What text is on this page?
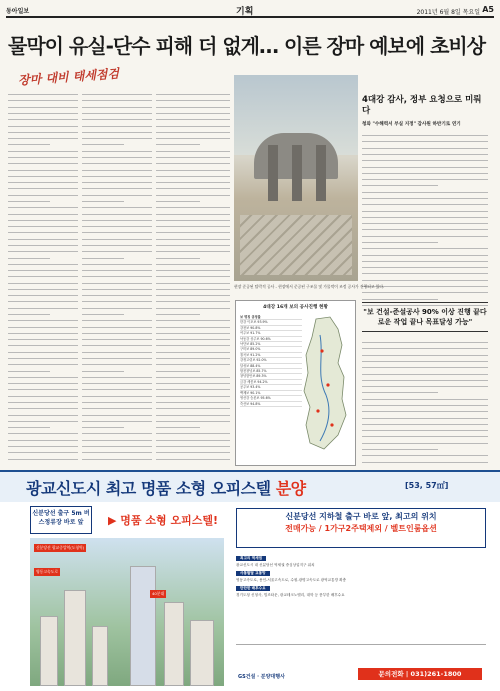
동아일보	기획	2011년 6월 8일 목요일 A5
물막이 유실-단수 피해 더 없게… 이른 장마 예보에 초비상
장마 대비 태세점검
4대강 감사, 정부 요청으로 미뤄다
청와 "수해력서 부실 지정" 감사원 하반기로 연기
현장 준공된 탈락적 공사 - 현장에서 준공된 구조물 및 가물막이 조정 공사가 진행되고 있다.
4대강 16개 보의 공사진행 현황
보 명칭 공정률
한강 이포보 93.9%
강천보 90.8%
여주보 91.7%
낙동강 상주보 90.6%
낙단보 85.2%
구미보 89.0%
칠곡보 91.2%
강정고령보 92.0%
달성보 88.4%
합천창녕보 85.7%
창녕함안보 89.3%
금강 세종보 94.2%
공주보 93.4%
백제보 90.1%
영산강 승촌보 95.6%
죽산보 94.8%
"보 건설-준설공사 90% 이상 진행 끝다로운 작업 끝나 목표달성 가능"
광교신도시 최고 명품 소형 오피스텔 분양	[53, 57㎡]
신분당선 출구 5m 버스정류장 바로 앞	▶ 명품 소형 오피스텔!
신분당선 광교중앙역(도청역)
영동고속도로
40분대
신분당선 지하철 출구 바로 앞, 최고의 위치
전매가능 / 1가구2주택제외 / 벨트인룸옵션
최고의 역세권
광교신도시 내 신분당선 역세권 중심상업지구 위치
사통팔달 교통망
영동고속도로, 용인-서울고속도로, 수원-광명고속도로 광역교통망 확충
탄탄한 배후수요
경기도청 신청사, 법조타운, 광교테크노밸리, 대학 등 풍부한 배후수요
GS건설 · 분양대행사	문의전화 | 031)261-1800
